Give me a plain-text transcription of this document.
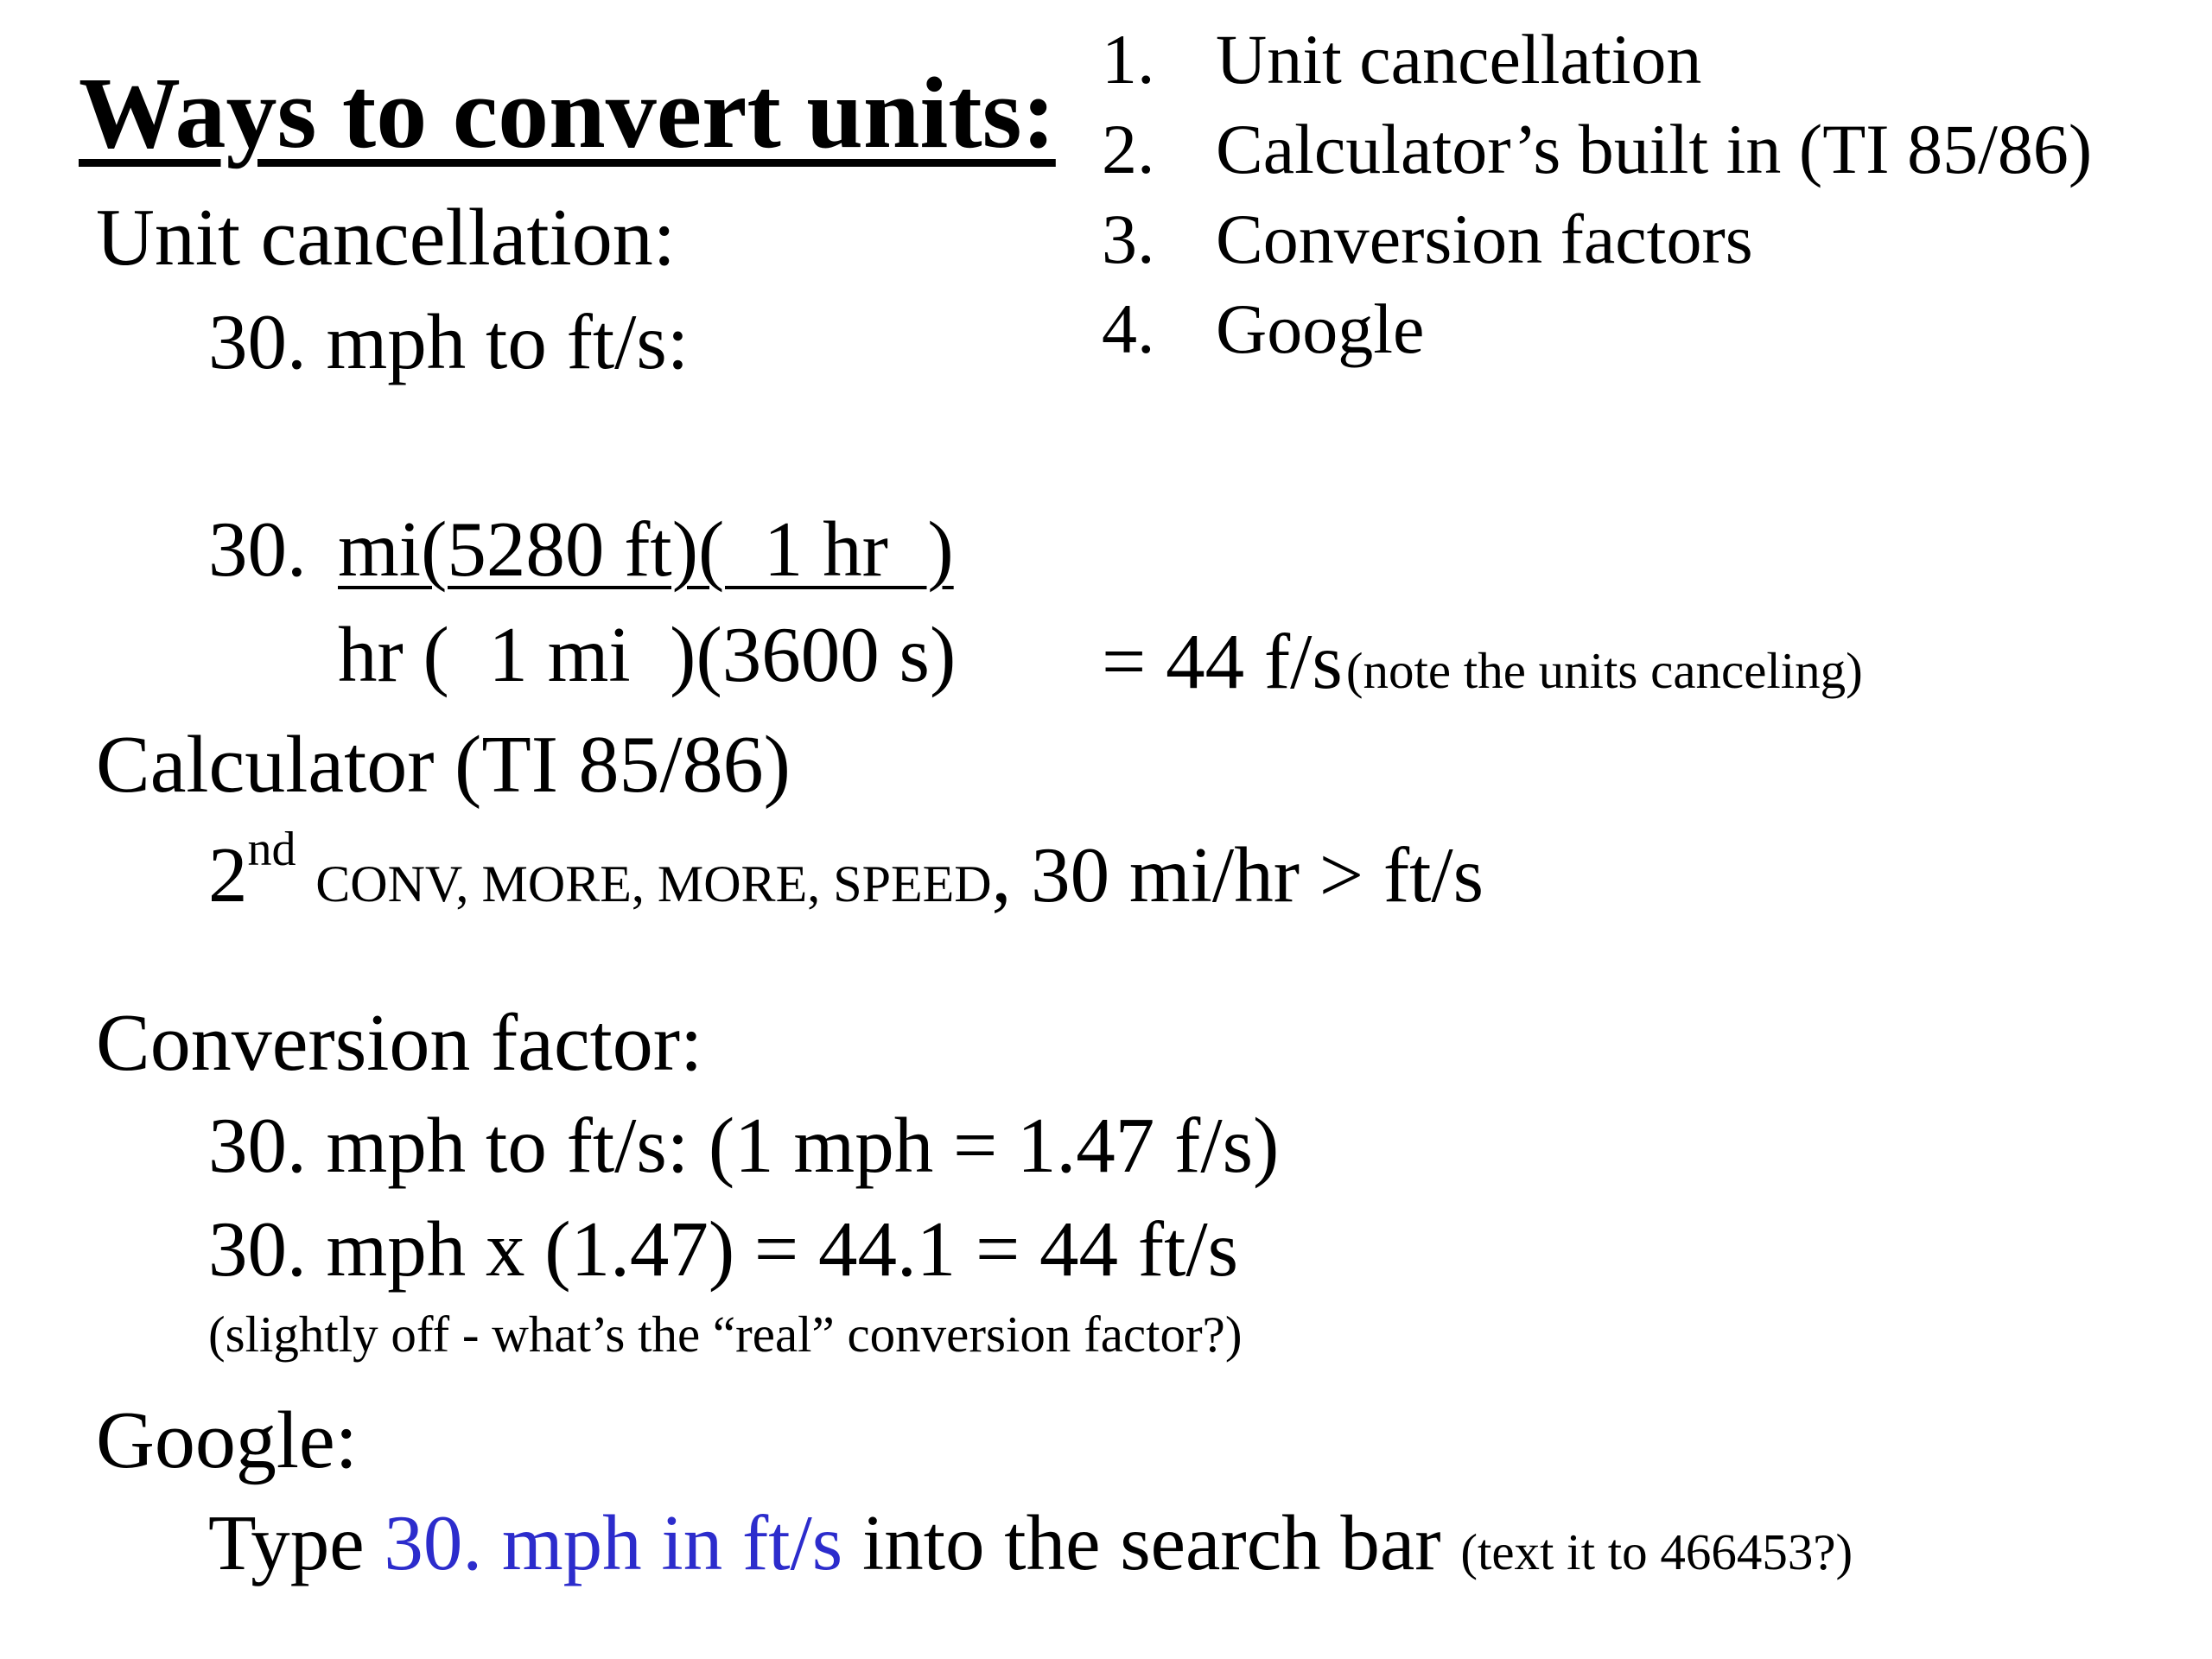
Ways to convert units: 1. Unit cancellation
2. Calculator’s built in (TI 85/86)
3. Conversion factors
4. Google
Unit cancellation:
30. mph to ft/s:
30. mi(5280 ft)(  1 hr  )
hr (  1 mi  )(3600 s) = 44 f/s (note the units canceling)
Calculator (TI 85/86)
2nd CONV, MORE, MORE, SPEED, 30 mi/hr > ft/s
Conversion factor:
30. mph to ft/s: (1 mph = 1.47 f/s)
30. mph x (1.47) = 44.1 = 44 ft/s
(slightly off - what’s the “real” conversion factor?)
Google:
Type 30. mph in ft/s into the search bar (text it to 466453?)
